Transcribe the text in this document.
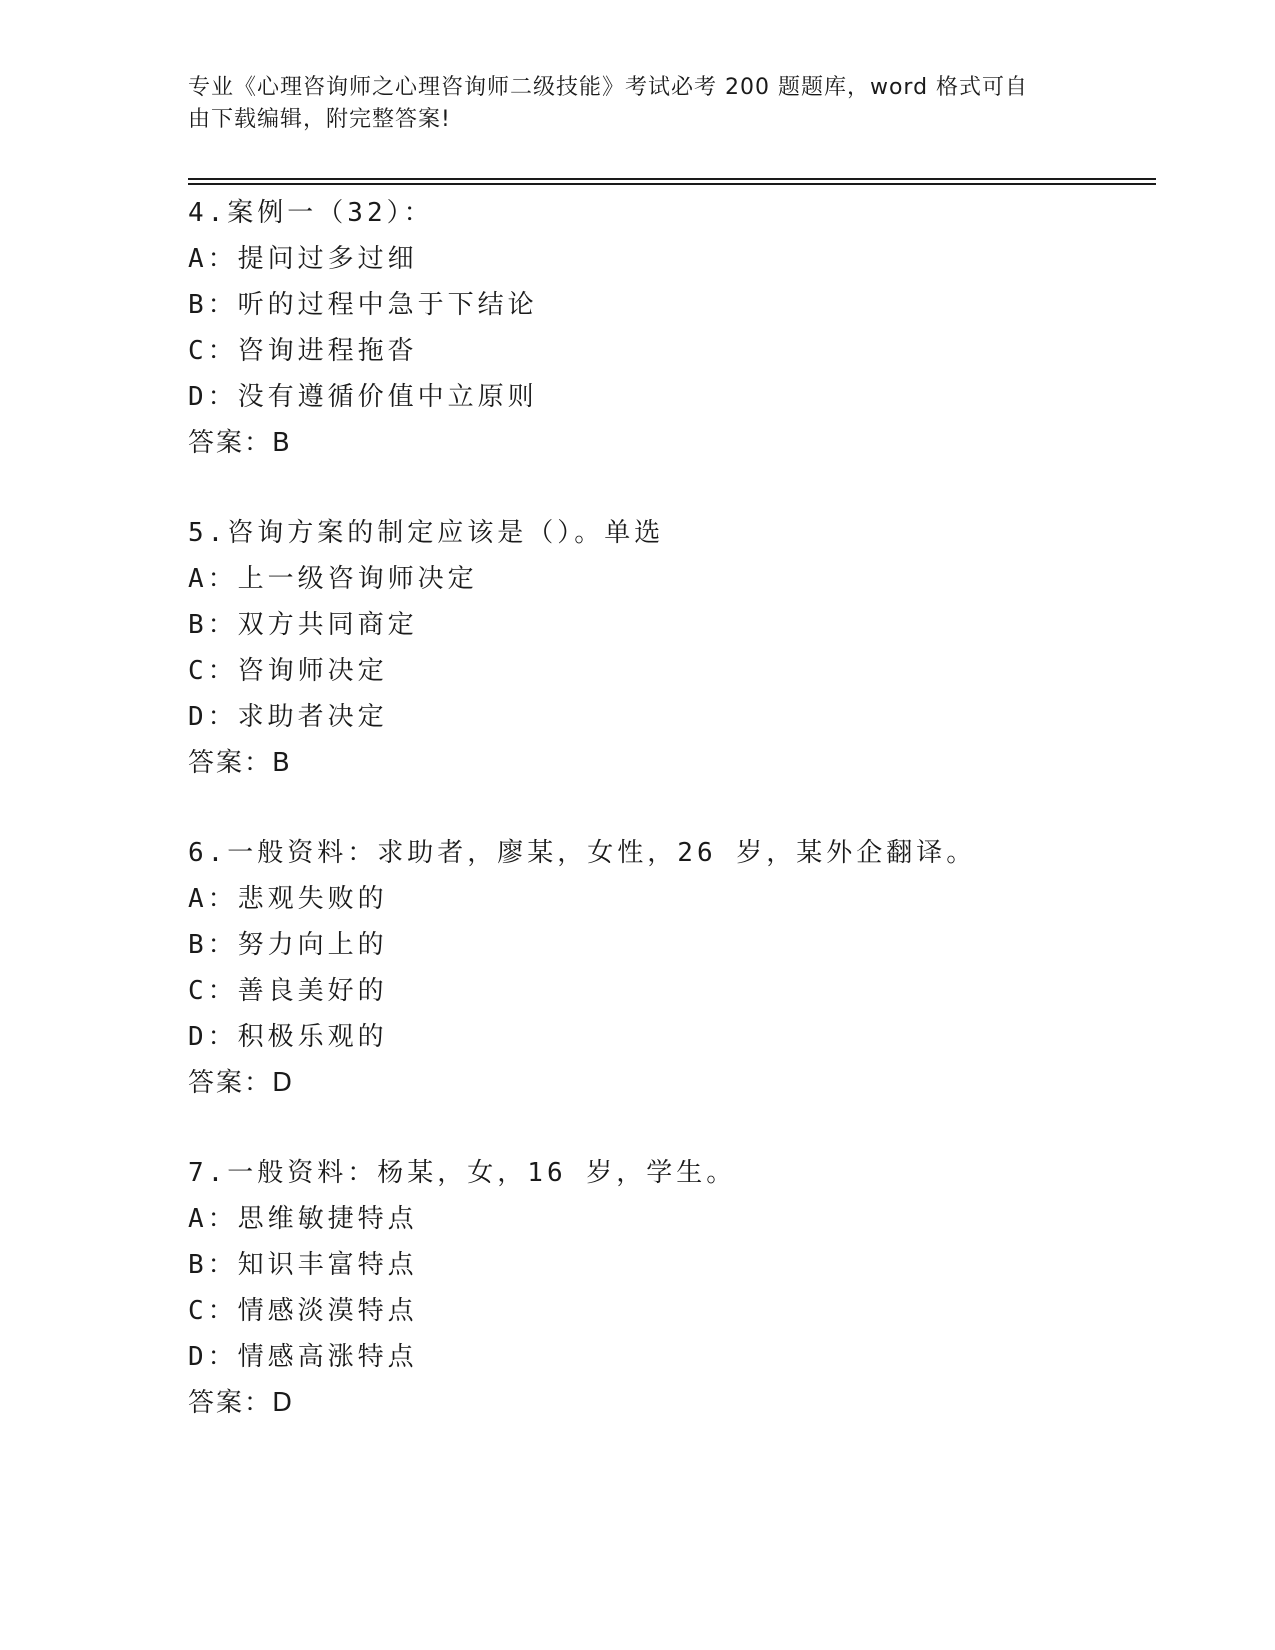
专业《心理咨询师之心理咨询师二级技能》考试必考 200 题题库，word 格式可自
由下载编辑，附完整答案!
4.案例一（32）：
A：提问过多过细
B：听的过程中急于下结论
C：咨询进程拖沓
D：没有遵循价值中立原则
答案：B
5.咨询方案的制定应该是（）。单选
A：上一级咨询师决定
B：双方共同商定
C：咨询师决定
D：求助者决定
答案：B
6.一般资料：求助者，廖某，女性，26 岁，某外企翻译。
A：悲观失败的
B：努力向上的
C：善良美好的
D：积极乐观的
答案：D
7.一般资料：杨某，女，16 岁，学生。
A：思维敏捷特点
B：知识丰富特点
C：情感淡漠特点
D：情感高涨特点
答案：D
